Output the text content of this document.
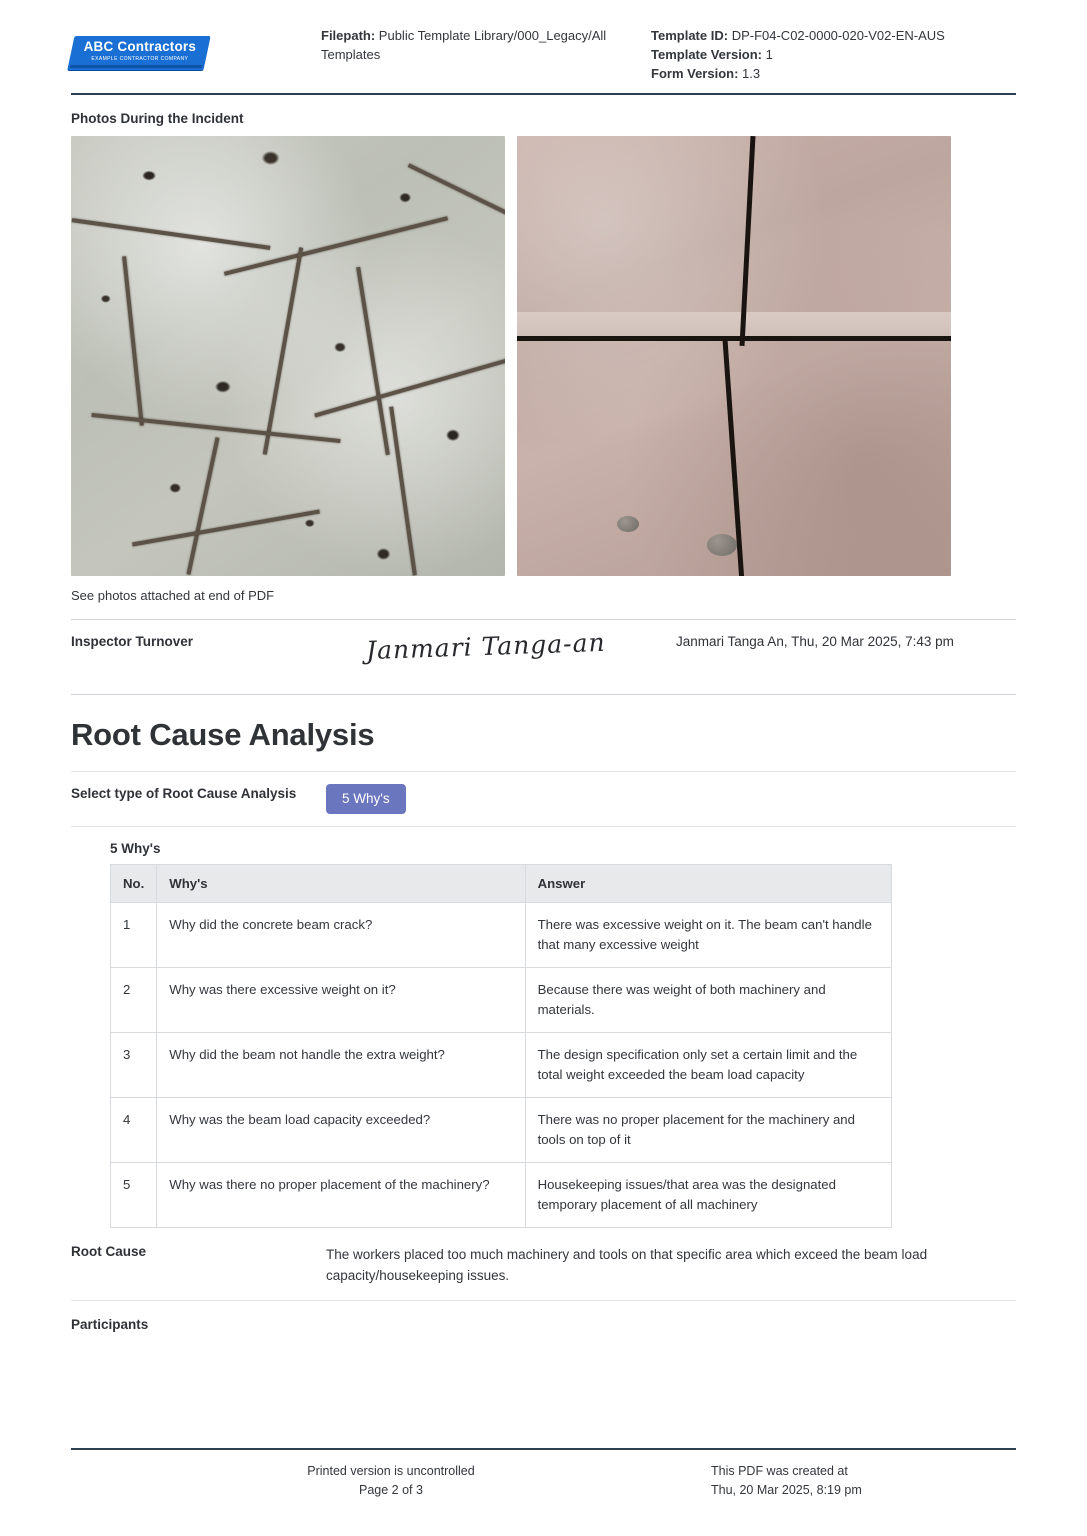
ABC Contractors
EXAMPLE CONTRACTOR COMPANY
Filepath: Public Template Library/000_Legacy/All Templates
Template ID: DP-F04-C02-0000-020-V02-EN-AUS
Template Version: 1
Form Version: 1.3
Photos During the Incident
See photos attached at end of PDF
Inspector Turnover	Janmari Tanga-an	Janmari Tanga An, Thu, 20 Mar 2025, 7:43 pm
Root Cause Analysis
Select type of Root Cause Analysis	5 Why's
5 Why's
No.	Why's	Answer
1	Why did the concrete beam crack?	There was excessive weight on it. The beam can't handle that many excessive weight
2	Why was there excessive weight on it?	Because there was weight of both machinery and materials.
3	Why did the beam not handle the extra weight?	The design specification only set a certain limit and the total weight exceeded the beam load capacity
4	Why was the beam load capacity exceeded?	There was no proper placement for the machinery and tools on top of it
5	Why was there no proper placement of the machinery?	Housekeeping issues/that area was the designated temporary placement of all machinery
Root Cause	The workers placed too much machinery and tools on that specific area which exceed the beam load capacity/housekeeping issues.
Participants
Printed version is uncontrolled
Page 2 of 3
This PDF was created at
Thu, 20 Mar 2025, 8:19 pm
